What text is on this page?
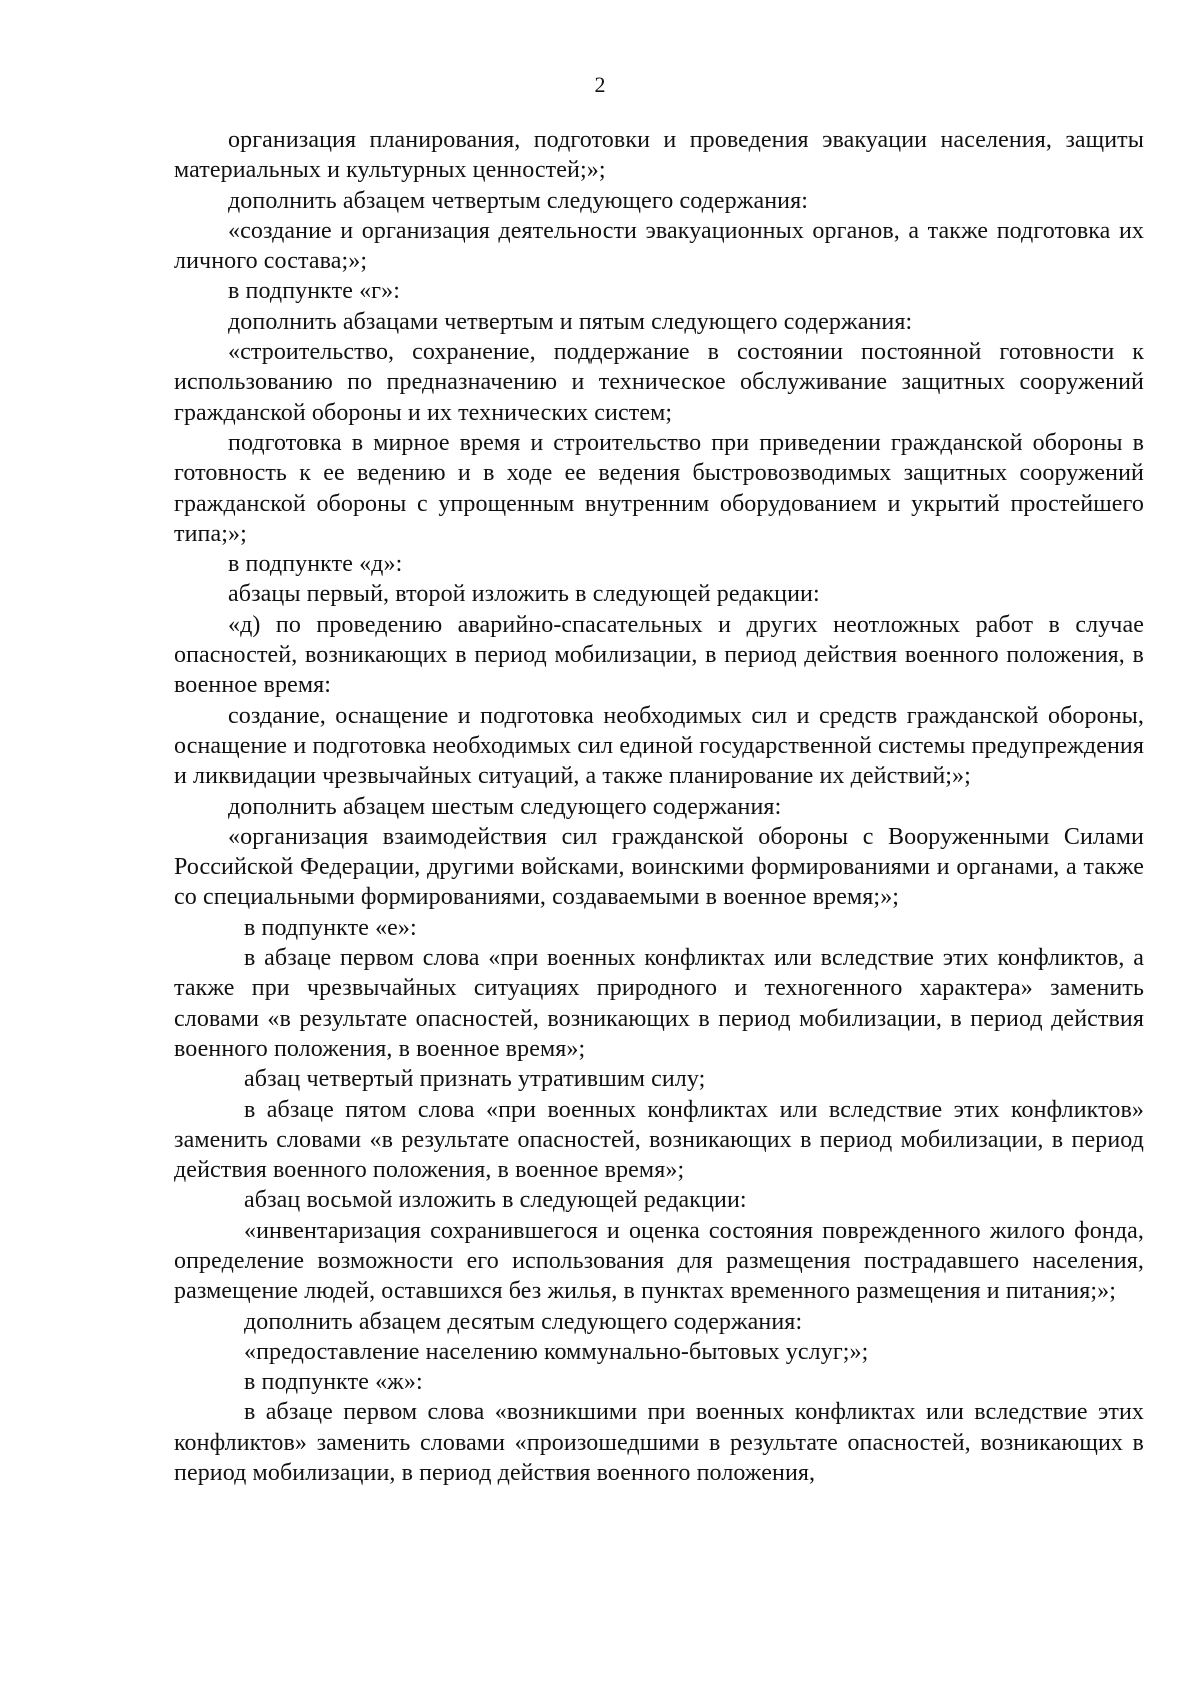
2

организация планирования, подготовки и проведения эвакуации населения, защиты материальных и культурных ценностей;»;

дополнить абзацем четвертым следующего содержания:

«создание и организация деятельности эвакуационных органов, а также подготовка их личного состава;»;

в подпункте «г»:

дополнить абзацами четвертым и пятым следующего содержания:

«строительство, сохранение, поддержание в состоянии постоянной готовности к использованию по предназначению и техническое обслуживание защитных сооружений гражданской обороны и их технических систем;

подготовка в мирное время и строительство при приведении гражданской обороны в готовность к ее ведению и в ходе ее ведения быстровозводимых защитных сооружений гражданской обороны с упрощенным внутренним оборудованием и укрытий простейшего типа;»;

в подпункте «д»:

абзацы первый, второй изложить в следующей редакции:

«д) по проведению аварийно-спасательных и других неотложных работ в случае опасностей, возникающих в период мобилизации, в период действия военного положения, в военное время:

создание, оснащение и подготовка необходимых сил и средств гражданской обороны, оснащение и подготовка необходимых сил единой государственной системы предупреждения и ликвидации чрезвычайных ситуаций, а также планирование их действий;»;

дополнить абзацем шестым следующего содержания:

«организация взаимодействия сил гражданской обороны с Вооруженными Силами Российской Федерации, другими войсками, воинскими формированиями и органами, а также со специальными формированиями, создаваемыми в военное время;»;

в подпункте «е»:

в абзаце первом слова «при военных конфликтах или вследствие этих конфликтов, а также при чрезвычайных ситуациях природного и техногенного характера» заменить словами «в результате опасностей, возникающих в период мобилизации, в период действия военного положения, в военное время»;

абзац четвертый признать утратившим силу;

в абзаце пятом слова «при военных конфликтах или вследствие этих конфликтов» заменить словами «в результате опасностей, возникающих в период мобилизации, в период действия военного положения, в военное время»;

абзац восьмой изложить в следующей редакции:

«инвентаризация сохранившегося и оценка состояния поврежденного жилого фонда, определение возможности его использования для размещения пострадавшего населения, размещение людей, оставшихся без жилья, в пунктах временного размещения и питания;»;

дополнить абзацем десятым следующего содержания:

«предоставление населению коммунально-бытовых услуг;»;

в подпункте «ж»:

в абзаце первом слова «возникшими при военных конфликтах или вследствие этих конфликтов» заменить словами «произошедшими в результате опасностей, возникающих в период мобилизации, в период действия военного положения,
